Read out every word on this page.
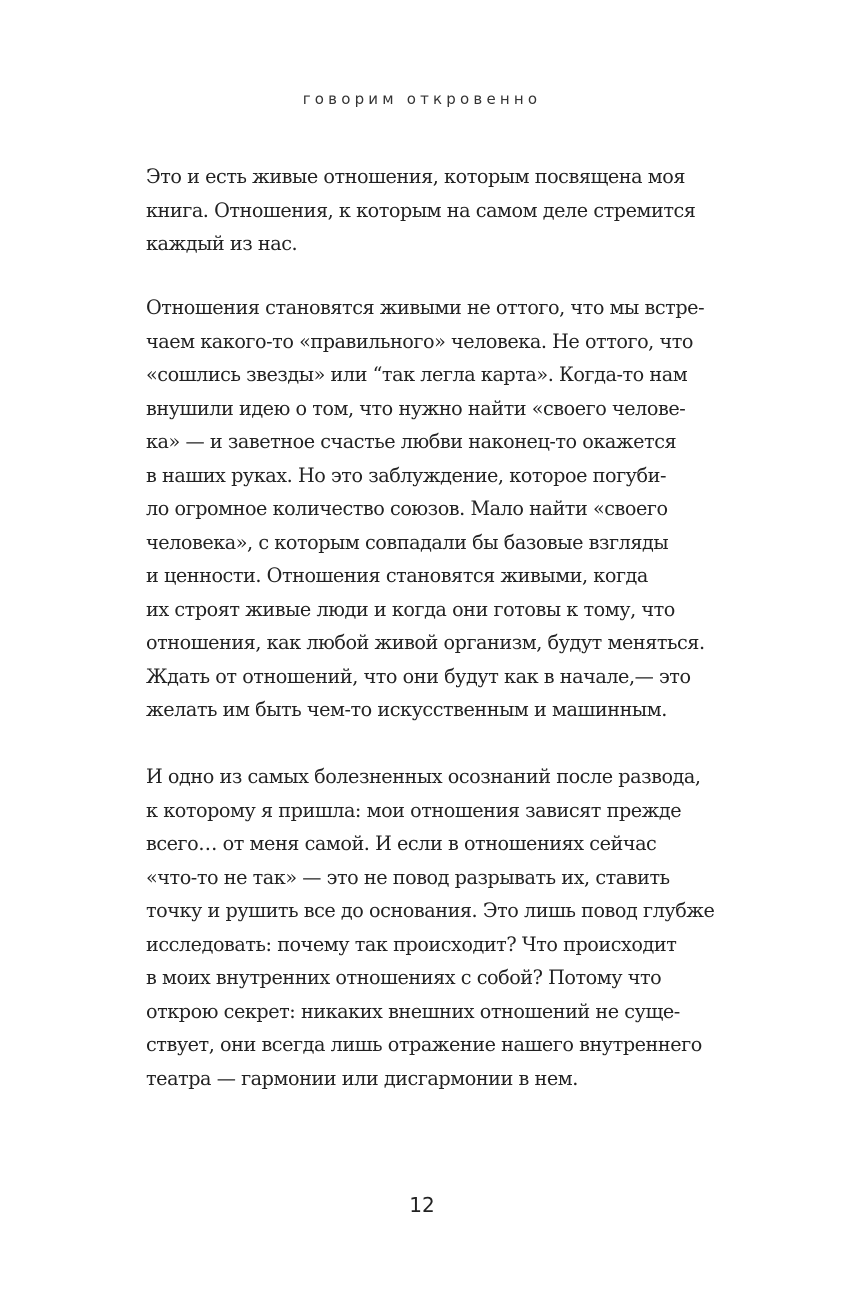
говорим откровенно
Это и есть живые отношения, которым посвящена моя
книга. Отношения, к которым на самом деле стремится
каждый из нас.
Отношения становятся живыми не оттого, что мы встре-
чаем какого-то «правильного» человека. Не оттого, что
«сошлись звезды» или “так легла карта». Когда-то нам
внушили идею о том, что нужно найти «своего челове-
ка» — и заветное счастье любви наконец-то окажется
в наших руках. Но это заблуждение, которое погуби-
ло огромное количество союзов. Мало найти «своего
человека», с которым совпадали бы базовые взгляды
и ценности. Отношения становятся живыми, когда
их строят живые люди и когда они готовы к тому, что
отношения, как любой живой организм, будут меняться.
Ждать от отношений, что они будут как в начале,— это
желать им быть чем-то искусственным и машинным.
И одно из самых болезненных осознаний после развода,
к которому я пришла: мои отношения зависят прежде
всего… от меня самой. И если в отношениях сейчас
«что-то не так» — это не повод разрывать их, ставить
точку и рушить все до основания. Это лишь повод глубже
исследовать: почему так происходит? Что происходит
в моих внутренних отношениях с собой? Потому что
открою секрет: никаких внешних отношений не суще-
ствует, они всегда лишь отражение нашего внутреннего
театра — гармонии или дисгармонии в нем.
12
